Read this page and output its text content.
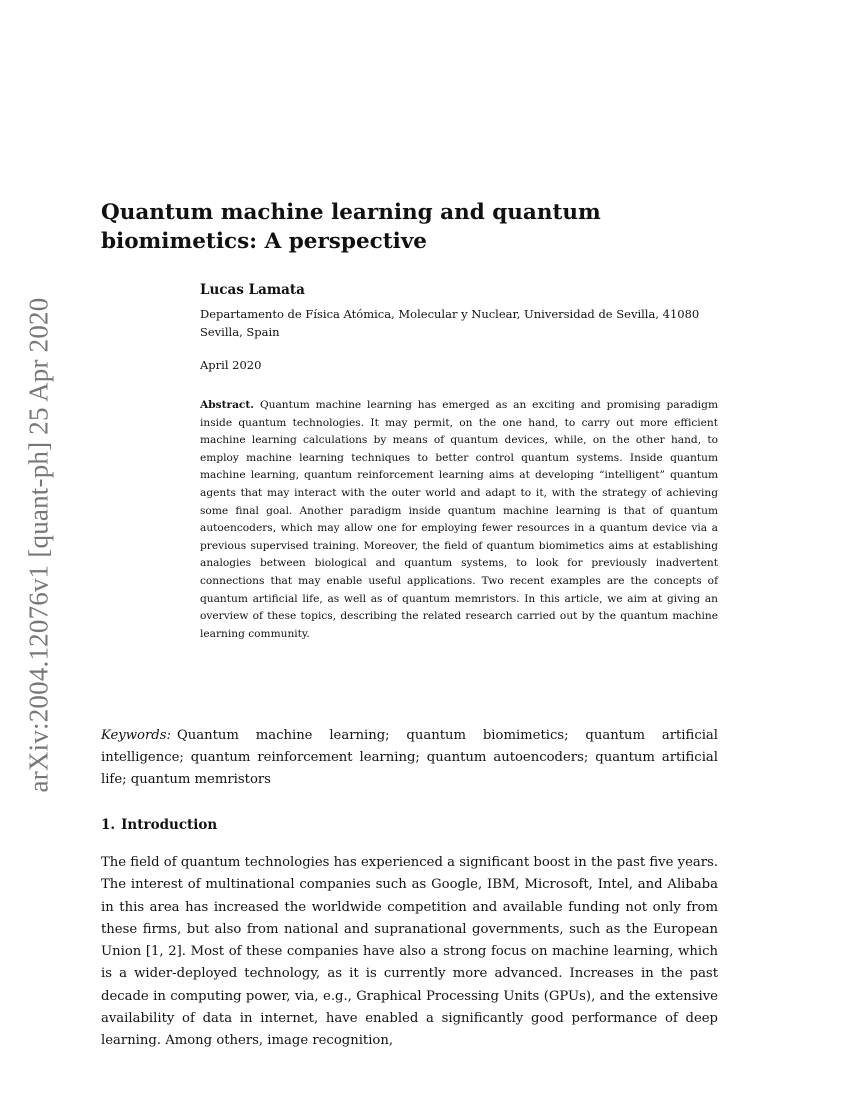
arXiv:2004.12076v1 [quant-ph] 25 Apr 2020
Quantum machine learning and quantum
biomimetics: A perspective
Lucas Lamata
Departamento de Física Atómica, Molecular y Nuclear, Universidad de Sevilla, 41080 Sevilla, Spain
April 2020

Abstract. Quantum machine learning has emerged as an exciting and promising paradigm inside quantum technologies. It may permit, on the one hand, to carry out more efficient machine learning calculations by means of quantum devices, while, on the other hand, to employ machine learning techniques to better control quantum systems. Inside quantum machine learning, quantum reinforcement learning aims at developing “intelligent” quantum agents that may interact with the outer world and adapt to it, with the strategy of achieving some final goal. Another paradigm inside quantum machine learning is that of quantum autoencoders, which may allow one for employing fewer resources in a quantum device via a previous supervised training. Moreover, the field of quantum biomimetics aims at establishing analogies between biological and quantum systems, to look for previously inadvertent connections that may enable useful applications. Two recent examples are the concepts of quantum artificial life, as well as of quantum memristors. In this article, we aim at giving an overview of these topics, describing the related research carried out by the quantum machine learning community.

Keywords: Quantum machine learning; quantum biomimetics; quantum artificial intelligence; quantum reinforcement learning; quantum autoencoders; quantum artificial life; quantum memristors

1. Introduction

The field of quantum technologies has experienced a significant boost in the past five years. The interest of multinational companies such as Google, IBM, Microsoft, Intel, and Alibaba in this area has increased the worldwide competition and available funding not only from these firms, but also from national and supranational governments, such as the European Union [1, 2]. Most of these companies have also a strong focus on machine learning, which is a wider-deployed technology, as it is currently more advanced. Increases in the past decade in computing power, via, e.g., Graphical Processing Units (GPUs), and the extensive availability of data in internet, have enabled a significantly good performance of deep learning. Among others, image recognition,
